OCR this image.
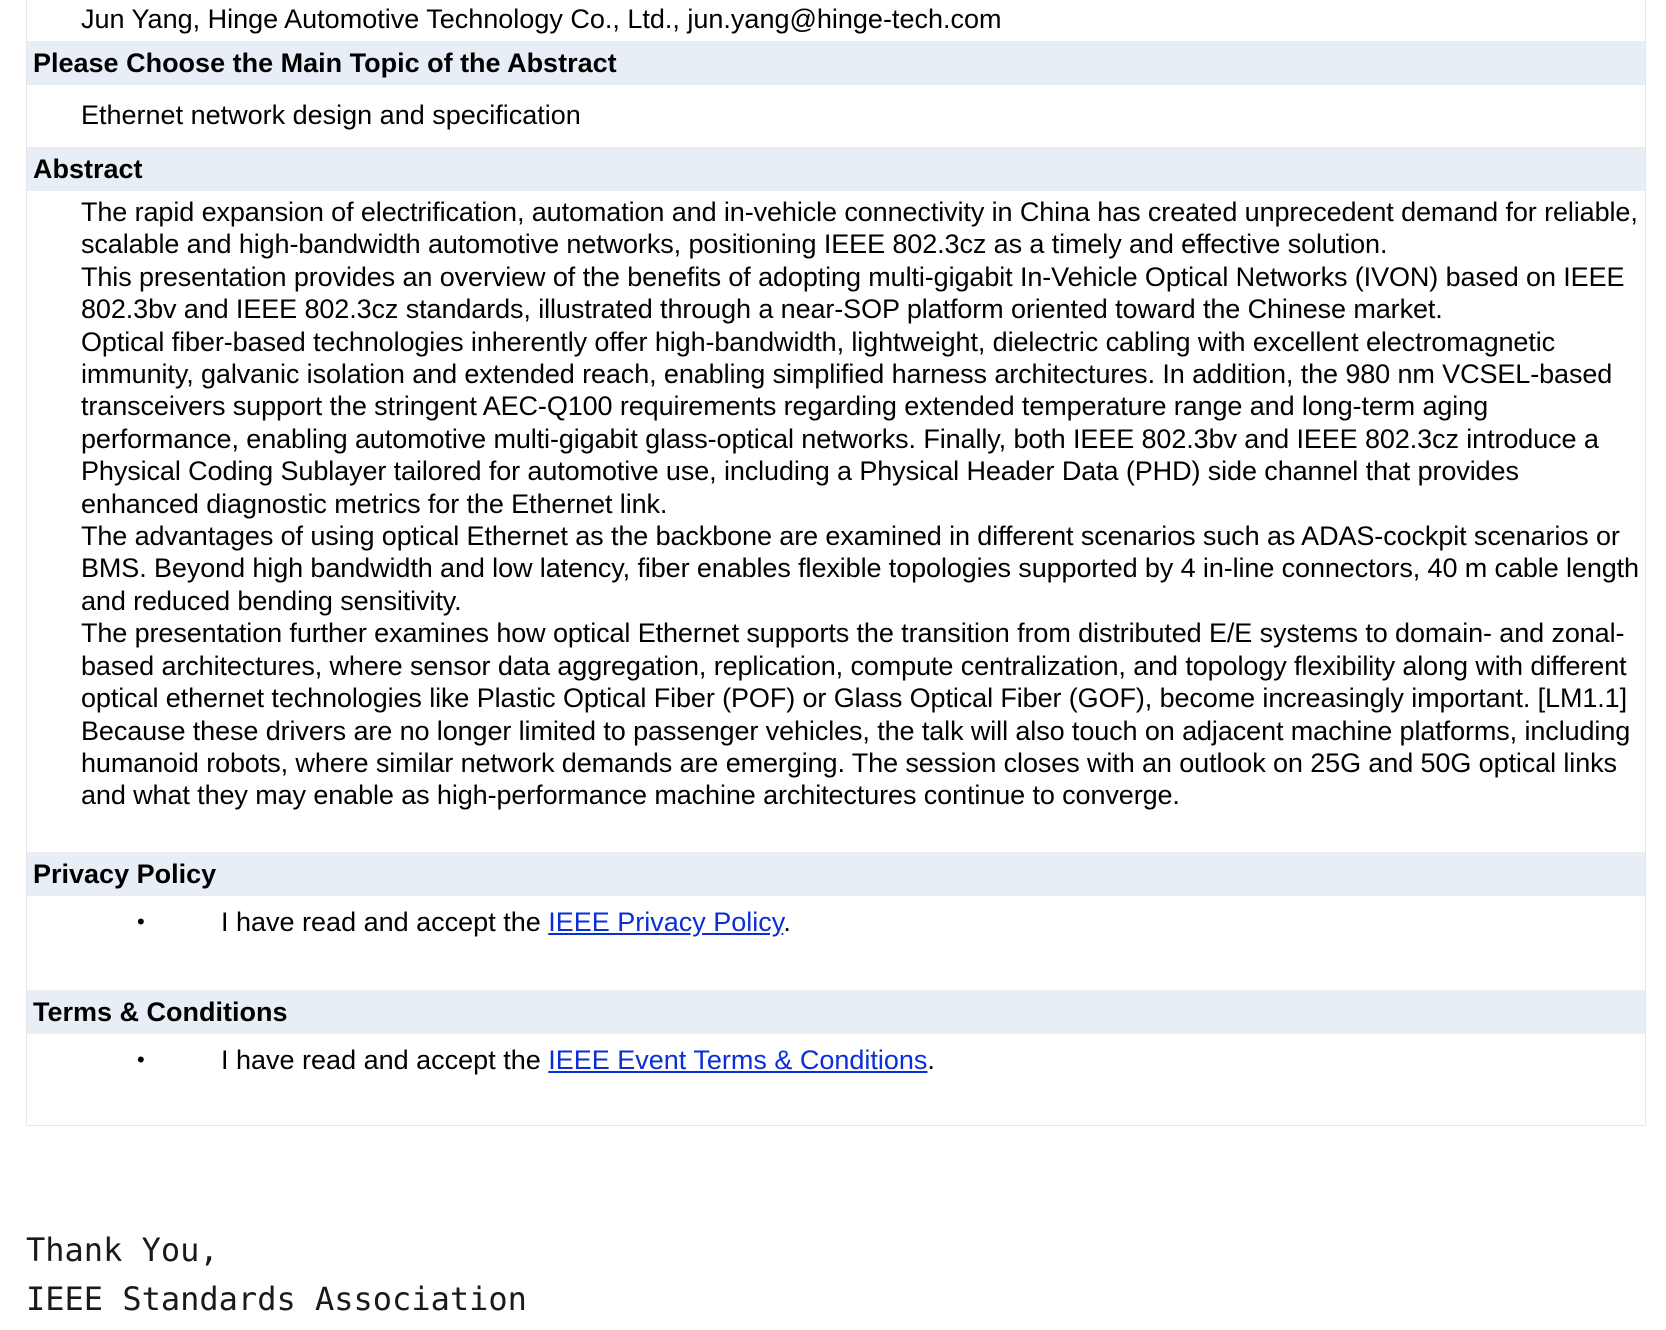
Jun Yang, Hinge Automotive Technology Co., Ltd., jun.yang@hinge-tech.com
Please Choose the Main Topic of the Abstract
Ethernet network design and specification
Abstract

The rapid expansion of electrification, automation and in-vehicle connectivity in China has created unprecedent demand for reliable, scalable and high-bandwidth automotive networks, positioning IEEE 802.3cz as a timely and effective solution.

This presentation provides an overview of the benefits of adopting multi-gigabit In-Vehicle Optical Networks (IVON) based on IEEE 802.3bv and IEEE 802.3cz standards, illustrated through a near-SOP platform oriented toward the Chinese market.

Optical fiber-based technologies inherently offer high-bandwidth, lightweight, dielectric cabling with excellent electromagnetic immunity, galvanic isolation and extended reach, enabling simplified harness architectures. In addition, the 980 nm VCSEL-based transceivers support the stringent AEC-Q100 requirements regarding extended temperature range and long-term aging performance, enabling automotive multi-gigabit glass-optical networks. Finally, both IEEE 802.3bv and IEEE 802.3cz introduce a Physical Coding Sublayer tailored for automotive use, including a Physical Header Data (PHD) side channel that provides enhanced diagnostic metrics for the Ethernet link.

The advantages of using optical Ethernet as the backbone are examined in different scenarios such as ADAS-cockpit scenarios or BMS. Beyond high bandwidth and low latency, fiber enables flexible topologies supported by 4 in-line connectors, 40 m cable length and reduced bending sensitivity.

The presentation further examines how optical Ethernet supports the transition from distributed E/E systems to domain- and zonal-based architectures, where sensor data aggregation, replication, compute centralization, and topology flexibility along with different optical ethernet technologies like Plastic Optical Fiber (POF) or Glass Optical Fiber (GOF), become increasingly important. [LM1.1]

Because these drivers are no longer limited to passenger vehicles, the talk will also touch on adjacent machine platforms, including humanoid robots, where similar network demands are emerging. The session closes with an outlook on 25G and 50G optical links and what they may enable as high-performance machine architectures continue to converge.

Privacy Policy
•	I have read and accept the IEEE Privacy Policy.
Terms & Conditions
•	I have read and accept the IEEE Event Terms & Conditions.
Thank You,
IEEE Standards Association
